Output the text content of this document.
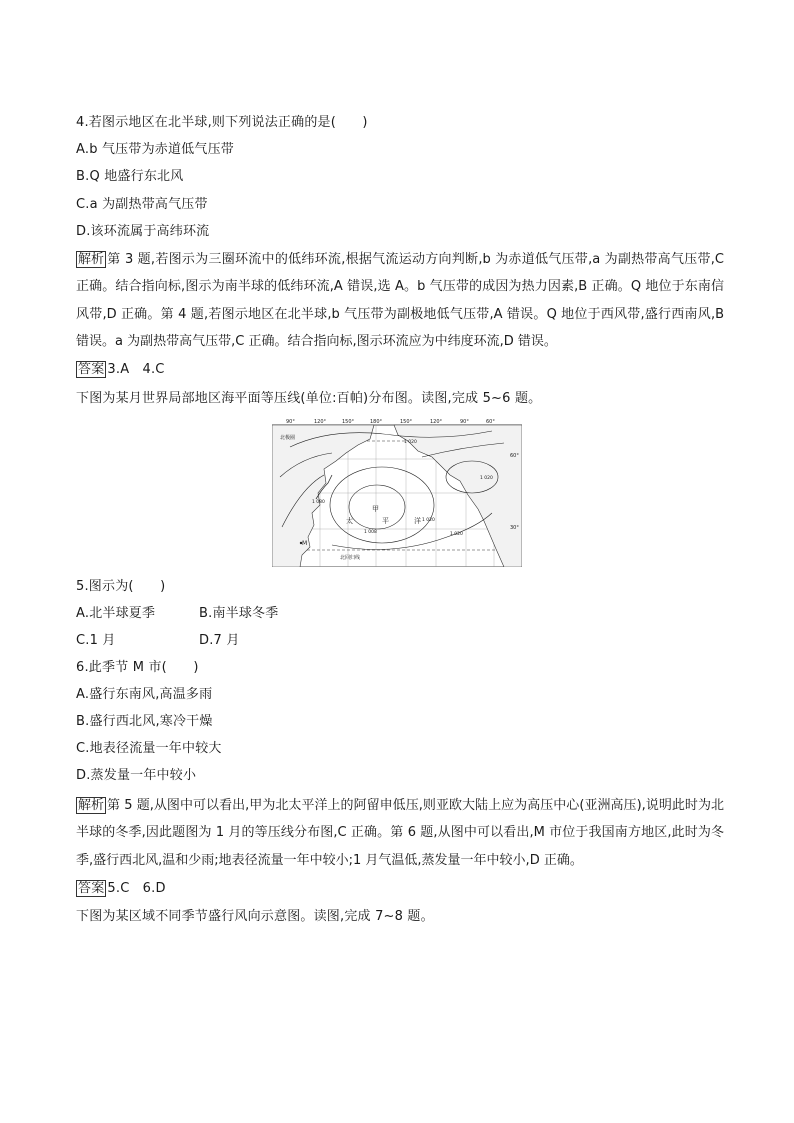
4.若图示地区在北半球,则下列说法正确的是(　　)
A.b 气压带为赤道低气压带
B.Q 地盛行东北风
C.a 为副热带高气压带
D.该环流属于高纬环流
解析 第 3 题,若图示为三圈环流中的低纬环流,根据气流运动方向判断,b 为赤道低气压带,a 为副热带高气压带,C 正确。结合指向标,图示为南半球的低纬环流,A 错误,选 A。b 气压带的成因为热力因素,B 正确。Q 地位于东南信风带,D 正确。第 4 题,若图示地区在北半球,b 气压带为副极地低气压带,A 错误。Q 地位于西风带,盛行西南风,B 错误。a 为副热带高气压带,C 正确。结合指向标,图示环流应为中纬度环流,D 错误。
答案 3.A　4.C
下图为某月世界局部地区海平面等压线(单位:百帕)分布图。读图,完成 5~6 题。
90°	120°	150°	180°	150°	120°	90°	60°
60°
30°
北极圈
北回归线
甲
太	平	洋
M
1 020
1 020
1 020
1 008
1 080
1 020
5.图示为(　　)
A.北半球夏季	B.南半球冬季
C.1 月	D.7 月
6.此季节 M 市(　　)
A.盛行东南风,高温多雨
B.盛行西北风,寒冷干燥
C.地表径流量一年中较大
D.蒸发量一年中较小
解析 第 5 题,从图中可以看出,甲为北太平洋上的阿留申低压,则亚欧大陆上应为高压中心(亚洲高压),说明此时为北半球的冬季,因此题图为 1 月的等压线分布图,C 正确。第 6 题,从图中可以看出,M 市位于我国南方地区,此时为冬季,盛行西北风,温和少雨;地表径流量一年中较小;1 月气温低,蒸发量一年中较小,D 正确。
答案 5.C　6.D
下图为某区域不同季节盛行风向示意图。读图,完成 7~8 题。
